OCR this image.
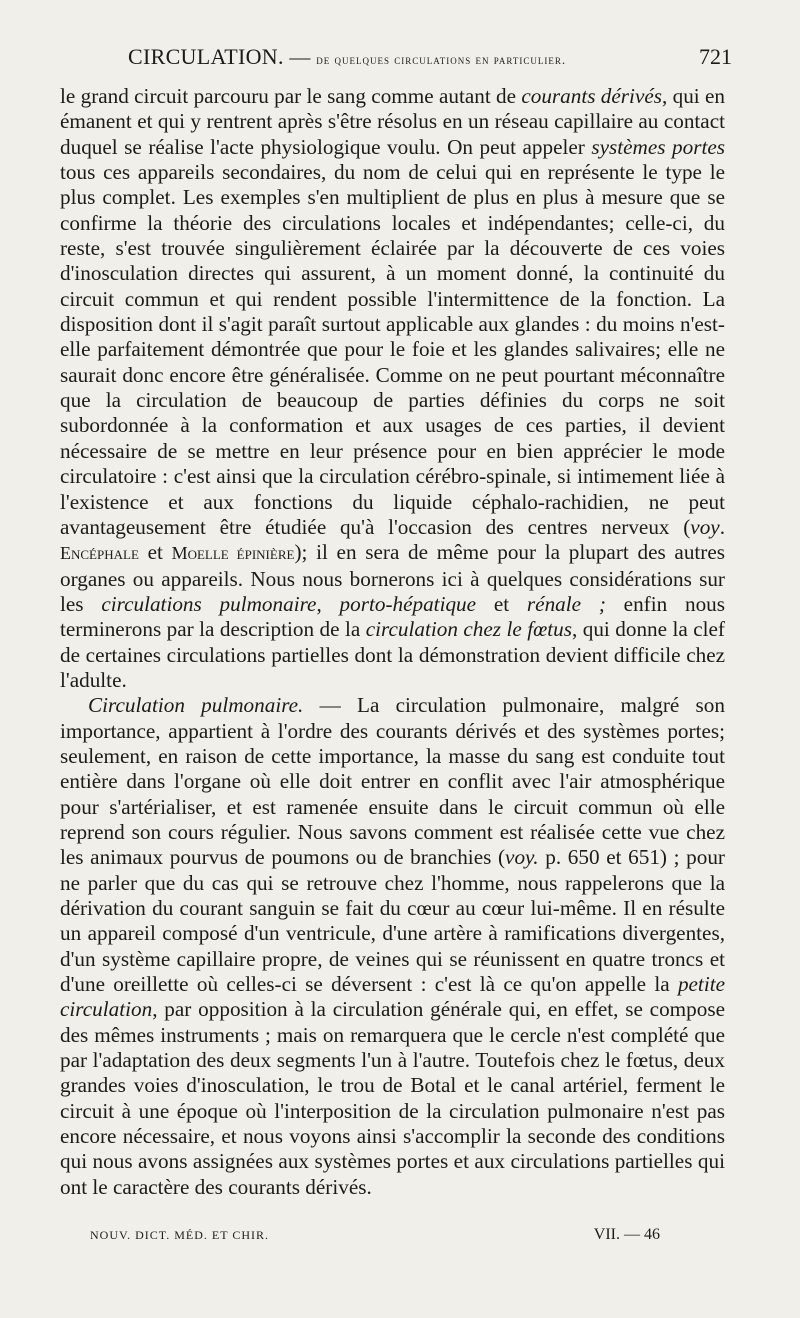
CIRCULATION. — de quelques circulations en particulier.	721

le grand circuit parcouru par le sang comme autant de courants dérivés, qui en émanent et qui y rentrent après s'être résolus en un réseau capillaire au contact duquel se réalise l'acte physiologique voulu. On peut appeler systèmes portes tous ces appareils secondaires, du nom de celui qui en représente le type le plus complet. Les exemples s'en multiplient de plus en plus à mesure que se confirme la théorie des circulations locales et indépendantes; celle-ci, du reste, s'est trouvée singulièrement éclairée par la découverte de ces voies d'inosculation directes qui assurent, à un moment donné, la continuité du circuit commun et qui rendent possible l'intermittence de la fonction. La disposition dont il s'agit paraît surtout applicable aux glandes : du moins n'est-elle parfaitement démontrée que pour le foie et les glandes salivaires; elle ne saurait donc encore être généralisée. Comme on ne peut pourtant méconnaître que la circulation de beaucoup de parties définies du corps ne soit subordonnée à la conformation et aux usages de ces parties, il devient nécessaire de se mettre en leur présence pour en bien apprécier le mode circulatoire : c'est ainsi que la circulation cérébro-spinale, si intimement liée à l'existence et aux fonctions du liquide céphalo-rachidien, ne peut avantageusement être étudiée qu'à l'occasion des centres nerveux (voy. Encéphale et Moelle épinière); il en sera de même pour la plupart des autres organes ou appareils. Nous nous bornerons ici à quelques considérations sur les circulations pulmonaire, porto-hépatique et rénale ; enfin nous terminerons par la description de la circulation chez le fœtus, qui donne la clef de certaines circulations partielles dont la démonstration devient difficile chez l'adulte.

Circulation pulmonaire. — La circulation pulmonaire, malgré son importance, appartient à l'ordre des courants dérivés et des systèmes portes; seulement, en raison de cette importance, la masse du sang est conduite tout entière dans l'organe où elle doit entrer en conflit avec l'air atmosphérique pour s'artérialiser, et est ramenée ensuite dans le circuit commun où elle reprend son cours régulier. Nous savons comment est réalisée cette vue chez les animaux pourvus de poumons ou de branchies (voy. p. 650 et 651) ; pour ne parler que du cas qui se retrouve chez l'homme, nous rappelerons que la dérivation du courant sanguin se fait du cœur au cœur lui-même. Il en résulte un appareil composé d'un ventricule, d'une artère à ramifications divergentes, d'un système capillaire propre, de veines qui se réunissent en quatre troncs et d'une oreillette où celles-ci se déversent : c'est là ce qu'on appelle la petite circulation, par opposition à la circulation générale qui, en effet, se compose des mêmes instruments ; mais on remarquera que le cercle n'est complété que par l'adaptation des deux segments l'un à l'autre. Toutefois chez le fœtus, deux grandes voies d'inosculation, le trou de Botal et le canal artériel, ferment le circuit à une époque où l'interposition de la circulation pulmonaire n'est pas encore nécessaire, et nous voyons ainsi s'accomplir la seconde des conditions qui nous avons assignées aux systèmes portes et aux circulations partielles qui ont le caractère des courants dérivés.

NOUV. DICT. MÉD. ET CHIR.	VII. — 46
